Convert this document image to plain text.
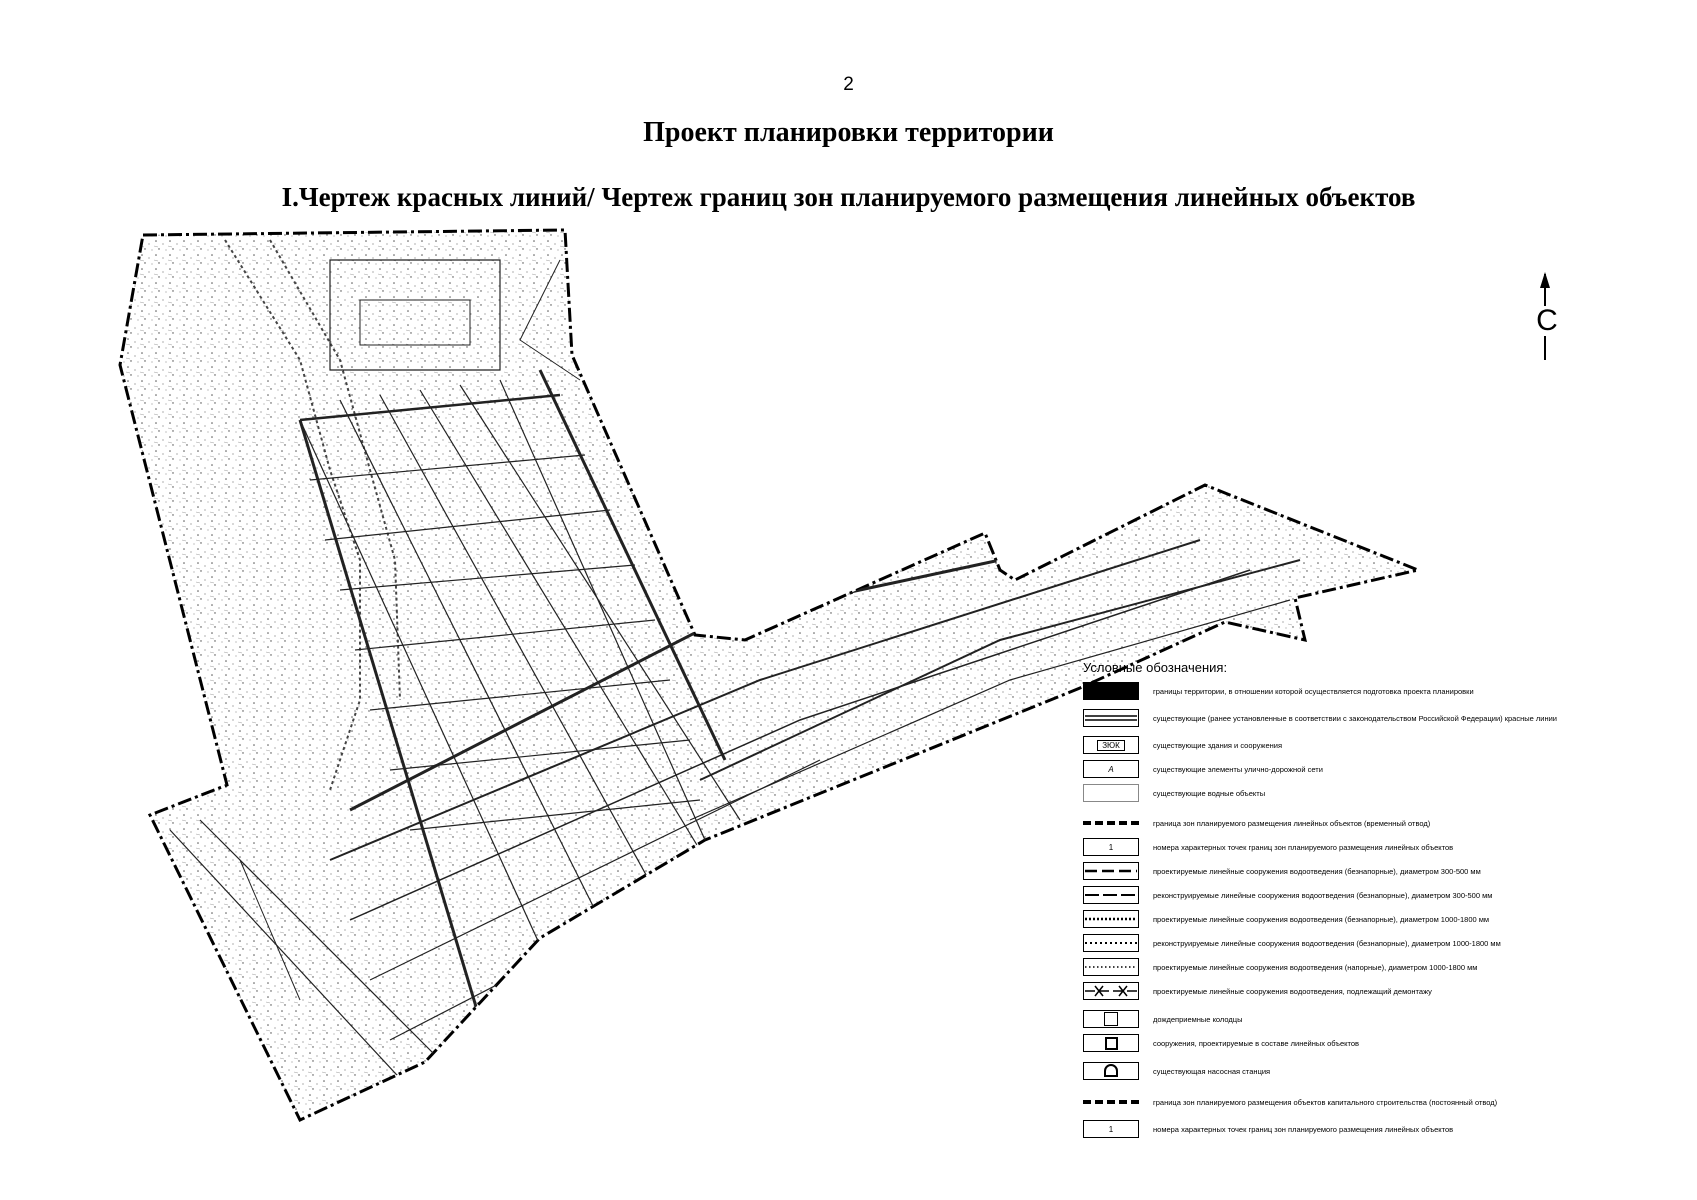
2
Проект планировки территории
I.Чертеж красных линий/ Чертеж границ зон планируемого размещения линейных объектов
С
Условные обозначения:
границы территории, в отношении которой осуществляется подготовка проекта планировки
существующие (ранее установленные в соответствии с законодательством Российской Федерации) красные линии
ЗЮК	существующие здания и сооружения
А	существующие элементы улично-дорожной сети
существующие водные объекты
граница зон планируемого размещения линейных объектов (временный отвод)
1	номера характерных точек границ зон планируемого размещения линейных объектов
проектируемые линейные сооружения водоотведения (безнапорные), диаметром 300-500 мм
реконструируемые линейные сооружения водоотведения (безнапорные), диаметром 300-500 мм
проектируемые линейные сооружения водоотведения (безнапорные), диаметром 1000-1800 мм
реконструируемые линейные сооружения водоотведения (безнапорные), диаметром 1000-1800 мм
проектируемые линейные сооружения водоотведения (напорные), диаметром 1000-1800 мм
проектируемые линейные сооружения водоотведения, подлежащий демонтажу
дождеприемные колодцы
сооружения, проектируемые в составе линейных объектов
существующая насосная станция
граница зон планируемого размещения объектов капитального строительства (постоянный отвод)
1	номера характерных точек границ зон планируемого размещения линейных объектов
